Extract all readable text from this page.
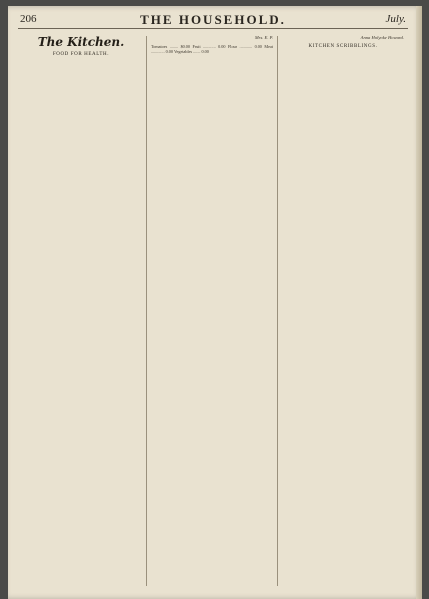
206	THE HOUSEHOLD.	July.
The Kitchen.
FOOD FOR HEALTH.
Mrs. E. P.
Tomatoes ........ $0.00 Fruit ............ 0.00 Flour ............ 0.00 Meat ............. 0.00 Vegetables ....... 0.00
Anna Holyoke Howard.
KITCHEN SCRIBBLINGS.
